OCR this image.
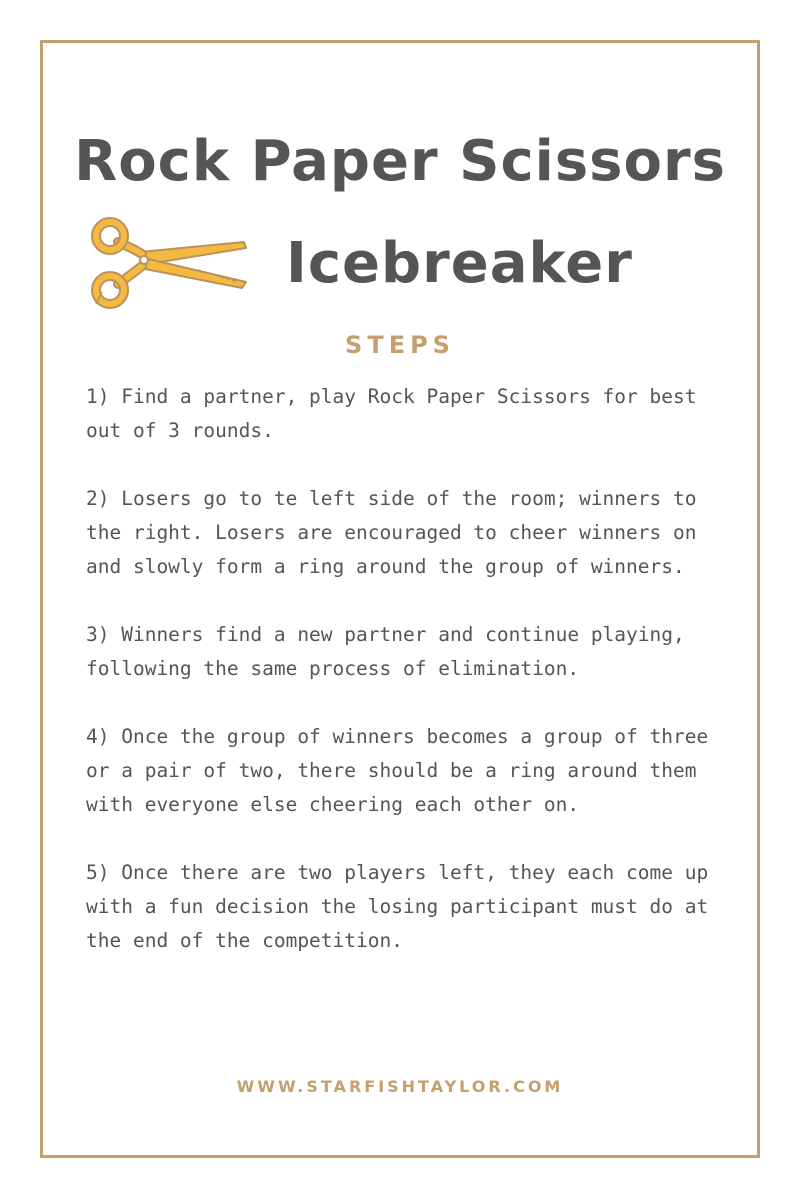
Rock Paper Scissors
Icebreaker
STEPS

1) Find a partner, play Rock Paper Scissors for best out of 3 rounds.

2) Losers go to te left side of the room; winners to the right. Losers are encouraged to cheer winners on and slowly form a ring around the group of winners.

3) Winners find a new partner and continue playing, following the same process of elimination.

4) Once the group of winners becomes a group of three or a pair of two, there should be a ring around them with everyone else cheering each other on.

5) Once there are two players left, they each come up with a fun decision the losing participant must do at the end of the competition.

WWW.STARFISHTAYLOR.COM
